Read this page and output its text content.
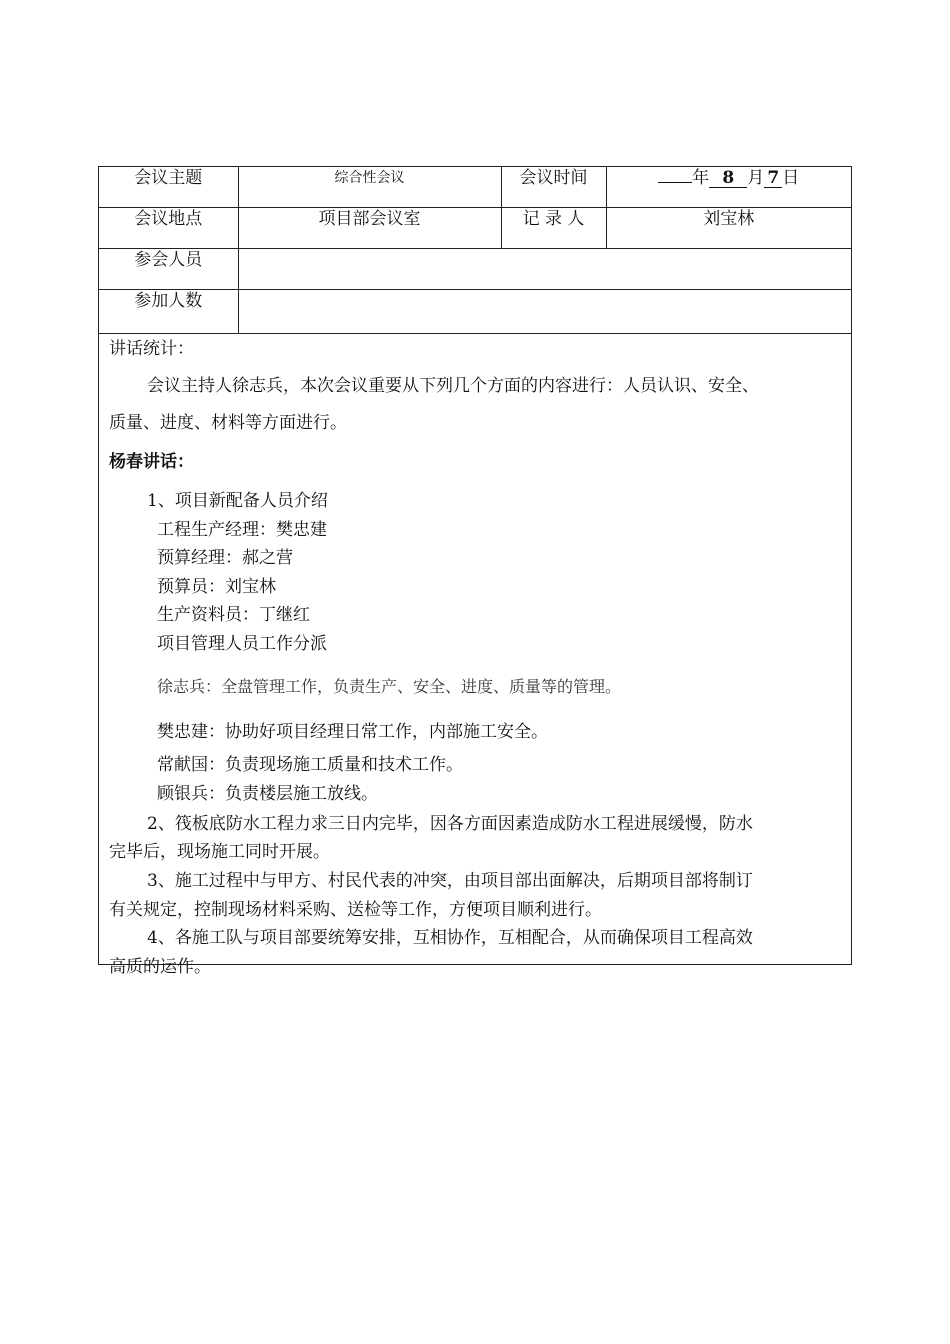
会议主题	综合性会议	会议时间	年 8 月 7 日
会议地点	项目部会议室	记 录 人	刘宝林
参会人员			
参加人数			
讲话统计：
会议主持人徐志兵，本次会议重要从下列几个方面的内容进行：人员认识、安全、
质量、进度、材料等方面进行。
杨春讲话：
1、项目新配备人员介绍
工程生产经理：樊忠建
预算经理：郝之营
预算员：刘宝林
生产资料员：丁继红
项目管理人员工作分派
徐志兵：全盘管理工作，负责生产、安全、进度、质量等的管理。
樊忠建：协助好项目经理日常工作，内部施工安全。
常献国：负责现场施工质量和技术工作。
顾银兵：负责楼层施工放线。
2、筏板底防水工程力求三日内完毕，因各方面因素造成防水工程进展缓慢，防水
完毕后，现场施工同时开展。
3、施工过程中与甲方、村民代表的冲突，由项目部出面解决，后期项目部将制订
有关规定，控制现场材料采购、送检等工作，方便项目顺利进行。
4、各施工队与项目部要统筹安排，互相协作，互相配合，从而确保项目工程高效
高质的运作。
